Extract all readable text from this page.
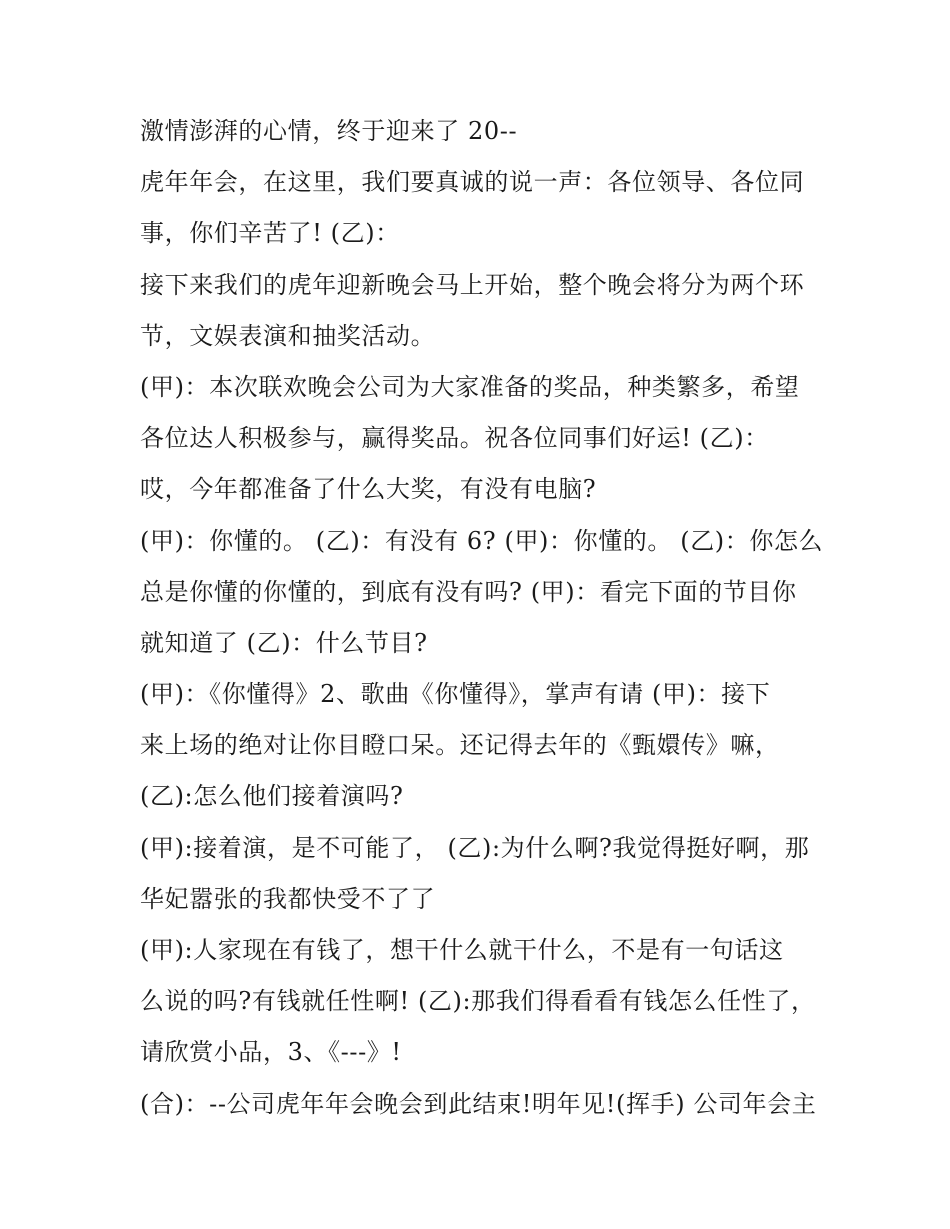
激情澎湃的心情，终于迎来了 20--
虎年年会，在这里，我们要真诚的说一声：各位领导、各位同
事，你们辛苦了! (乙)：
接下来我们的虎年迎新晚会马上开始，整个晚会将分为两个环
节，文娱表演和抽奖活动。
(甲)：本次联欢晚会公司为大家准备的奖品，种类繁多，希望
各位达人积极参与，赢得奖品。祝各位同事们好运! (乙)：
哎，今年都准备了什么大奖，有没有电脑?
(甲)：你懂的。 (乙)：有没有 6? (甲)：你懂的。 (乙)：你怎么
总是你懂的你懂的，到底有没有吗? (甲)：看完下面的节目你
就知道了 (乙)：什么节目?
(甲)：《你懂得》2、歌曲《你懂得》，掌声有请 (甲)：接下
来上场的绝对让你目瞪口呆。还记得去年的《甄嬛传》嘛，
(乙):怎么他们接着演吗?
(甲):接着演，是不可能了， (乙):为什么啊?我觉得挺好啊，那
华妃嚣张的我都快受不了了
(甲):人家现在有钱了，想干什么就干什么，不是有一句话这
么说的吗?有钱就任性啊! (乙):那我们得看看有钱怎么任性了，
请欣赏小品，3、《---》!
(合)：--公司虎年年会晚会到此结束!明年见!(挥手) 公司年会主
